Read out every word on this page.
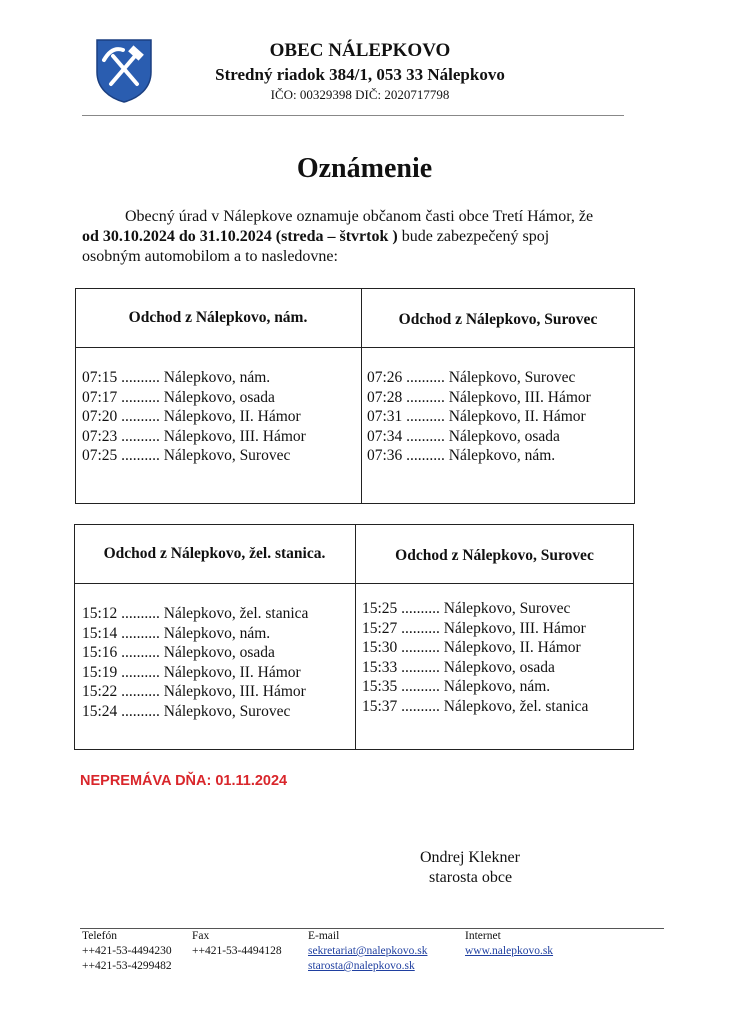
OBEC NÁLEPKOVO
Stredný riadok 384/1, 053 33 Nálepkovo
IČO: 00329398 DIČ: 2020717798
Oznámenie
Obecný úrad v Nálepkove oznamuje občanom časti obce Tretí Hámor, že
od 30.10.2024 do 31.10.2024 (streda – štvrtok ) bude zabezpečený spoj
osobným automobilom a to nasledovne:
Odchod z Nálepkovo, nám.	Odchod z Nálepkovo, Surovec
07:15 .......... Nálepkovo, nám.
07:17 .......... Nálepkovo, osada
07:20 .......... Nálepkovo, II. Hámor
07:23 .......... Nálepkovo, III. Hámor
07:25 .......... Nálepkovo, Surovec
07:26 .......... Nálepkovo, Surovec
07:28 .......... Nálepkovo, III. Hámor
07:31 .......... Nálepkovo, II. Hámor
07:34 .......... Nálepkovo, osada
07:36 .......... Nálepkovo, nám.
Odchod z Nálepkovo, žel. stanica.	Odchod z Nálepkovo, Surovec
15:12 .......... Nálepkovo, žel. stanica
15:14 .......... Nálepkovo, nám.
15:16 .......... Nálepkovo, osada
15:19 .......... Nálepkovo, II. Hámor
15:22 .......... Nálepkovo, III. Hámor
15:24 .......... Nálepkovo, Surovec
15:25 .......... Nálepkovo, Surovec
15:27 .......... Nálepkovo, III. Hámor
15:30 .......... Nálepkovo, II. Hámor
15:33 .......... Nálepkovo, osada
15:35 .......... Nálepkovo, nám.
15:37 .......... Nálepkovo, žel. stanica
NEPREMÁVA DŇA: 01.11.2024
Ondrej Klekner
starosta obce
Telefón
++421-53-4494230
++421-53-4299482
Fax
++421-53-4494128
E-mail
sekretariat@nalepkovo.sk
starosta@nalepkovo.sk
Internet
www.nalepkovo.sk
